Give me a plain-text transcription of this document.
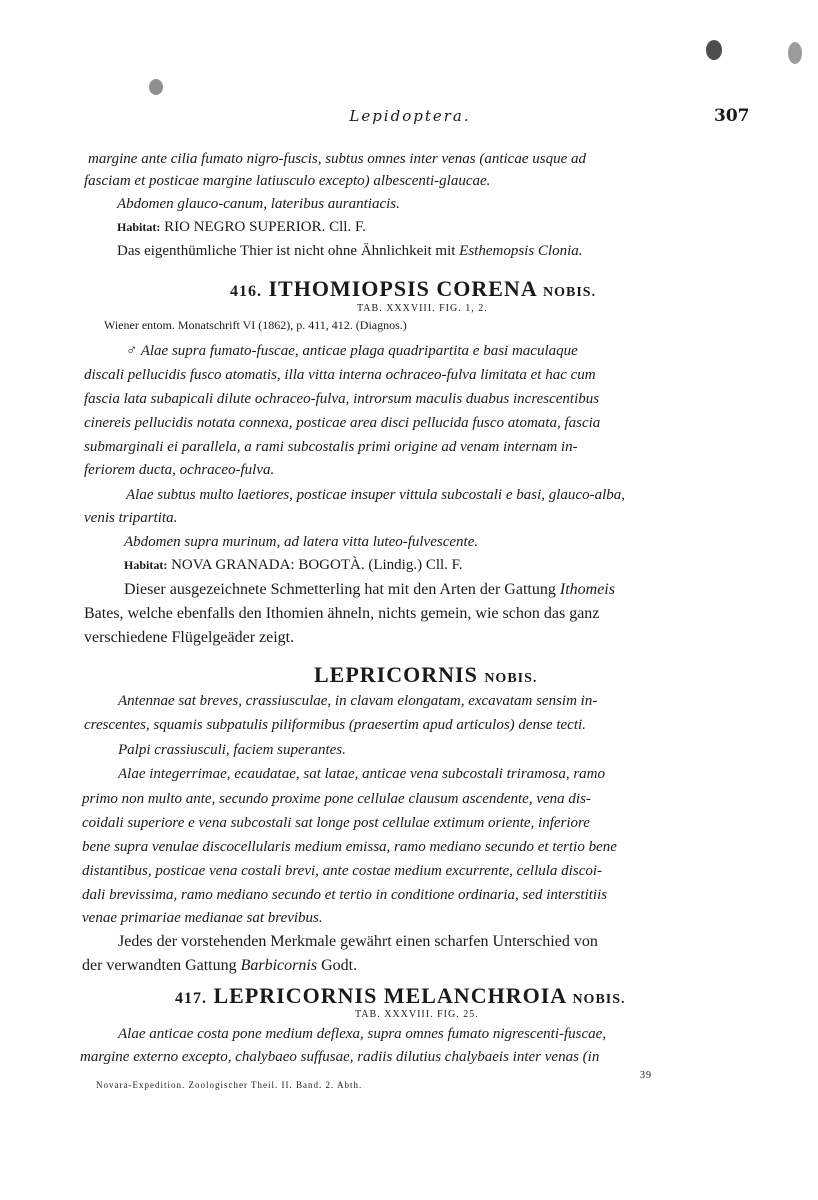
Lepidoptera.	307
margine ante cilia fumato nigro-fuscis, subtus omnes inter venas (anticae usque ad
fasciam et posticae margine latiusculo excepto) albescenti-glaucae.
Abdomen glauco-canum, lateribus aurantiacis.
Habitat: RIO NEGRO SUPERIOR. Cll. F.
Das eigenthümliche Thier ist nicht ohne Ähnlichkeit mit Esthemopsis Clonia.
416. ITHOMIOPSIS CORENA NOBIS.
TAB. XXXVIII. FIG. 1, 2.
Wiener entom. Monatschrift VI (1862), p. 411, 412. (Diagnos.)
♂ Alae supra fumato-fuscae, anticae plaga quadripartita e basi maculaque
discali pellucidis fusco atomatis, illa vitta interna ochraceo-fulva limitata et hac cum
fascia lata subapicali dilute ochraceo-fulva, introrsum maculis duabus increscentibus
cinereis pellucidis notata connexa, posticae area disci pellucida fusco atomata, fascia
submarginali ei parallela, a rami subcostalis primi origine ad venam internam in-
feriorem ducta, ochraceo-fulva.
Alae subtus multo laetiores, posticae insuper vittula subcostali e basi, glauco-alba,
venis tripartita.
Abdomen supra murinum, ad latera vitta luteo-fulvescente.
Habitat: NOVA GRANADA: BOGOTÀ. (Lindig.) Cll. F.
Dieser ausgezeichnete Schmetterling hat mit den Arten der Gattung Ithomeis
Bates, welche ebenfalls den Ithomien ähneln, nichts gemein, wie schon das ganz
verschiedene Flügelgeäder zeigt.
LEPRICORNIS NOBIS.
Antennae sat breves, crassiusculae, in clavam elongatam, excavatam sensim in-
crescentes, squamis subpatulis piliformibus (praesertim apud articulos) dense tecti.
Palpi crassiusculi, faciem superantes.
Alae integerrimae, ecaudatae, sat latae, anticae vena subcostali triramosa, ramo
primo non multo ante, secundo proxime pone cellulae clausum ascendente, vena dis-
coidali superiore e vena subcostali sat longe post cellulae extimum oriente, inferiore
bene supra venulae discocellularis medium emissa, ramo mediano secundo et tertio bene
distantibus, posticae vena costali brevi, ante costae medium excurrente, cellula discoi-
dali brevissima, ramo mediano secundo et tertio in conditione ordinaria, sed interstitiis
venae primariae medianae sat brevibus.
Jedes der vorstehenden Merkmale gewährt einen scharfen Unterschied von
der verwandten Gattung Barbicornis Godt.
417. LEPRICORNIS MELANCHROIA NOBIS.
TAB. XXXVIII. FIG. 25.
Alae anticae costa pone medium deflexa, supra omnes fumato nigrescenti-fuscae,
margine externo excepto, chalybaeo suffusae, radiis dilutius chalybaeis inter venas (in
Novara-Expedition. Zoologischer Theil. II. Band. 2. Abth.
39
